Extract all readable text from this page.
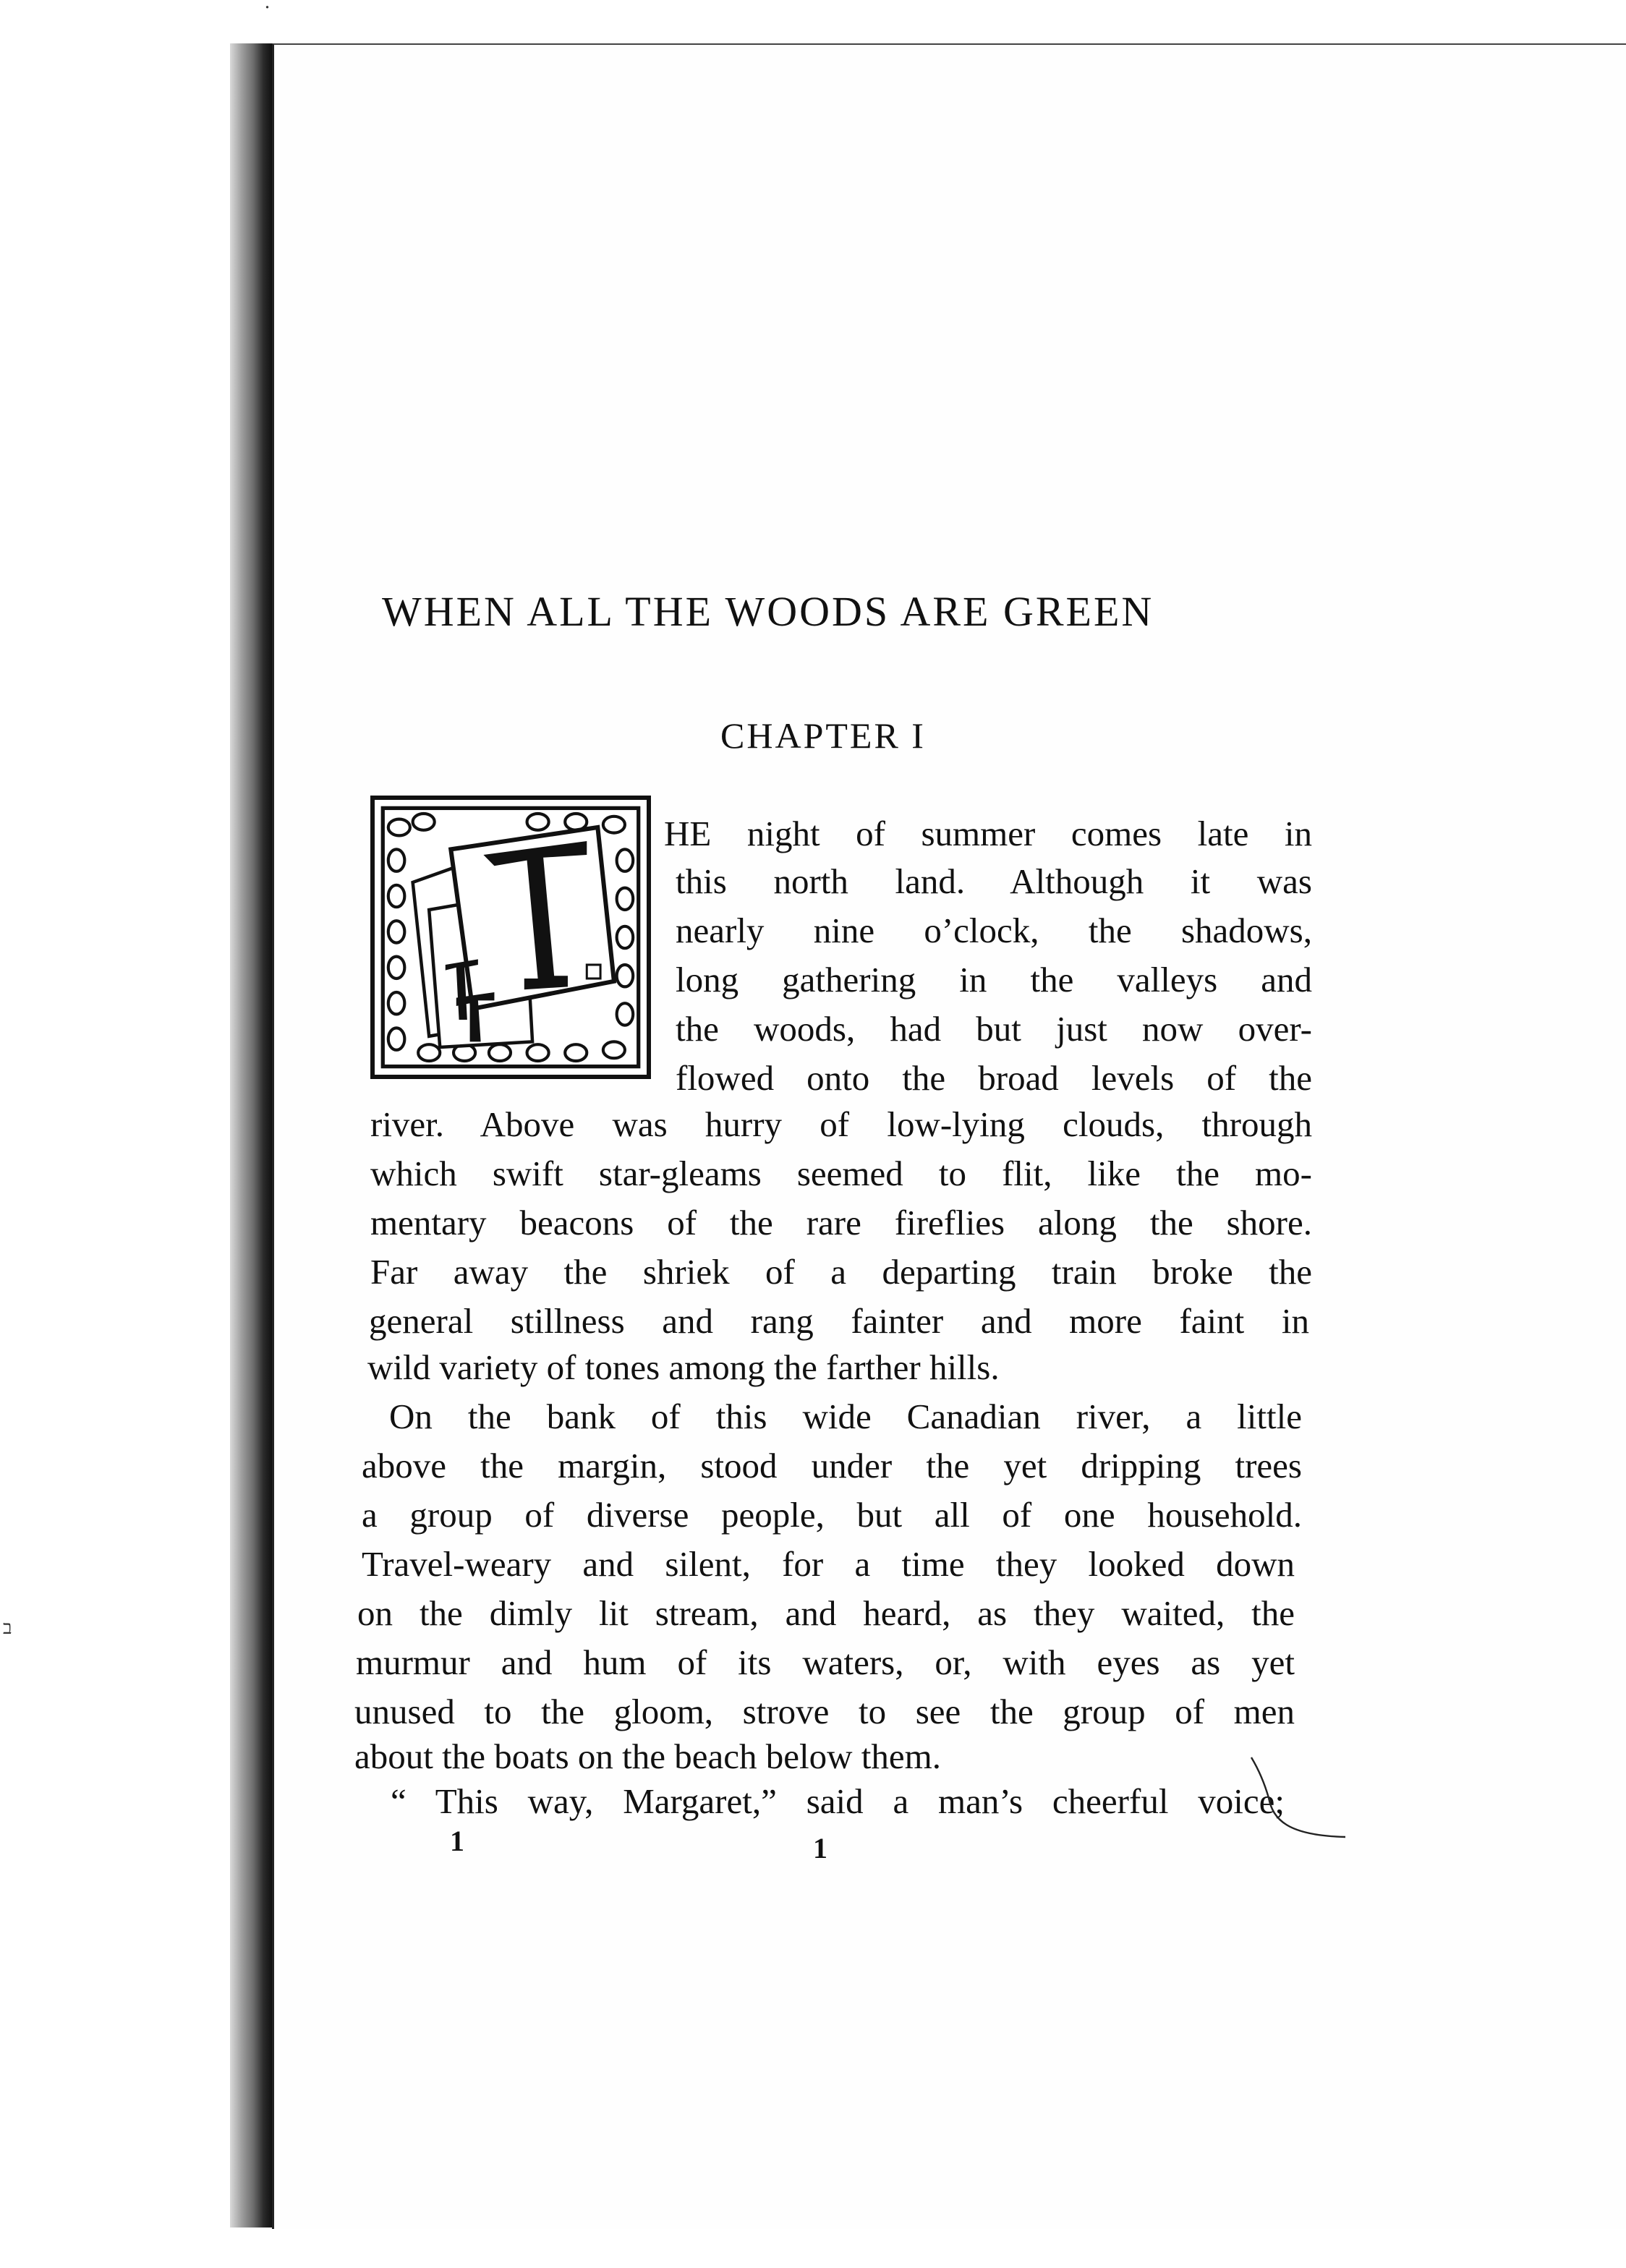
˙
ב
WHEN ALL THE WOODS ARE GREEN
CHAPTER I
HE night of summer comes late in
this north land. Although it was
nearly nine o’clock, the shadows,
long gathering in the valleys and
the woods, had but just now over-
flowed onto the broad levels of the
river. Above was hurry of low-lying clouds, through
which swift star-gleams seemed to flit, like the mo-
mentary beacons of the rare fireflies along the shore.
Far away the shriek of a departing train broke the
general stillness and rang fainter and more faint in
wild variety of tones among the farther hills.
On the bank of this wide Canadian river, a little
above the margin, stood under the yet dripping trees
a group of diverse people, but all of one household.
Travel-weary and silent, for a time they looked down
on the dimly lit stream, and heard, as they waited, the
murmur and hum of its waters, or, with eyes as yet
unused to the gloom, strove to see the group of men
about the boats on the beach below them.
“ This way, Margaret,” said a man’s cheerful voice;
1	1
